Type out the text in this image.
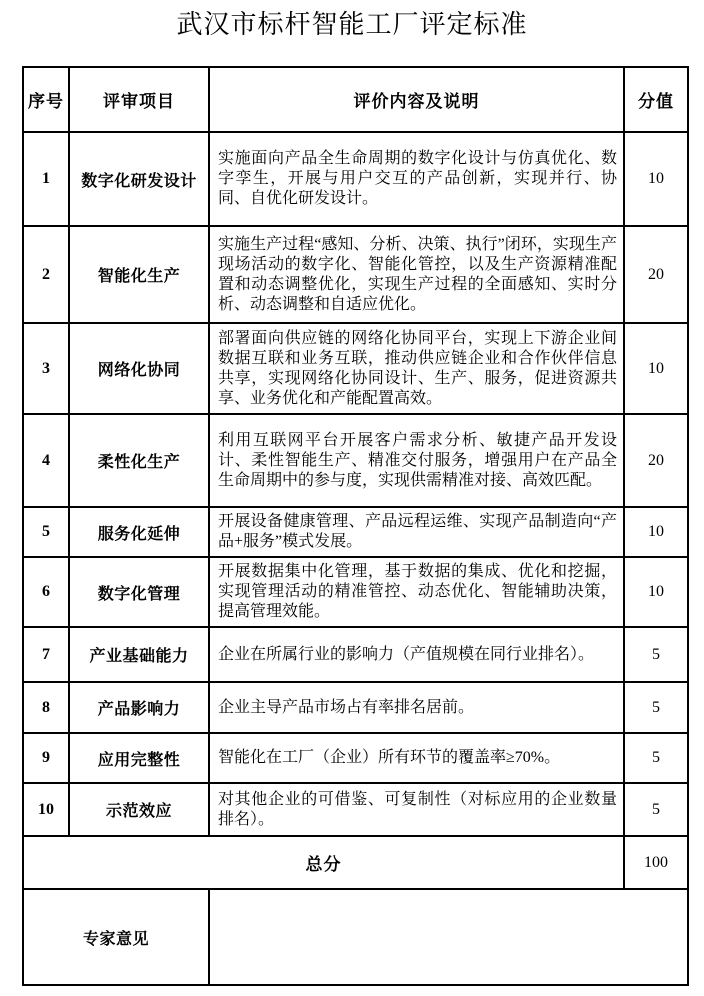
武汉市标杆智能工厂评定标准
序号	评审项目	评价内容及说明	分值
1	数字化研发设计	实施面向产品全生命周期的数字化设计与仿真优化、数字孪生，开展与用户交互的产品创新，实现并行、协同、自优化研发设计。	10
2	智能化生产	实施生产过程“感知、分析、决策、执行”闭环，实现生产现场活动的数字化、智能化管控，以及生产资源精准配置和动态调整优化，实现生产过程的全面感知、实时分析、动态调整和自适应优化。	20
3	网络化协同	部署面向供应链的网络化协同平台，实现上下游企业间数据互联和业务互联，推动供应链企业和合作伙伴信息共享，实现网络化协同设计、生产、服务，促进资源共享、业务优化和产能配置高效。	10
4	柔性化生产	利用互联网平台开展客户需求分析、敏捷产品开发设计、柔性智能生产、精准交付服务，增强用户在产品全生命周期中的参与度，实现供需精准对接、高效匹配。	20
5	服务化延伸	开展设备健康管理、产品远程运维、实现产品制造向“产品+服务”模式发展。	10
6	数字化管理	开展数据集中化管理，基于数据的集成、优化和挖掘，实现管理活动的精准管控、动态优化、智能辅助决策，提高管理效能。	10
7	产业基础能力	企业在所属行业的影响力（产值规模在同行业排名）。	5
8	产品影响力	企业主导产品市场占有率排名居前。	5
9	应用完整性	智能化在工厂（企业）所有环节的覆盖率≥70%。	5
10	示范效应	对其他企业的可借鉴、可复制性（对标应用的企业数量排名）。	5
总分			100
专家意见			
